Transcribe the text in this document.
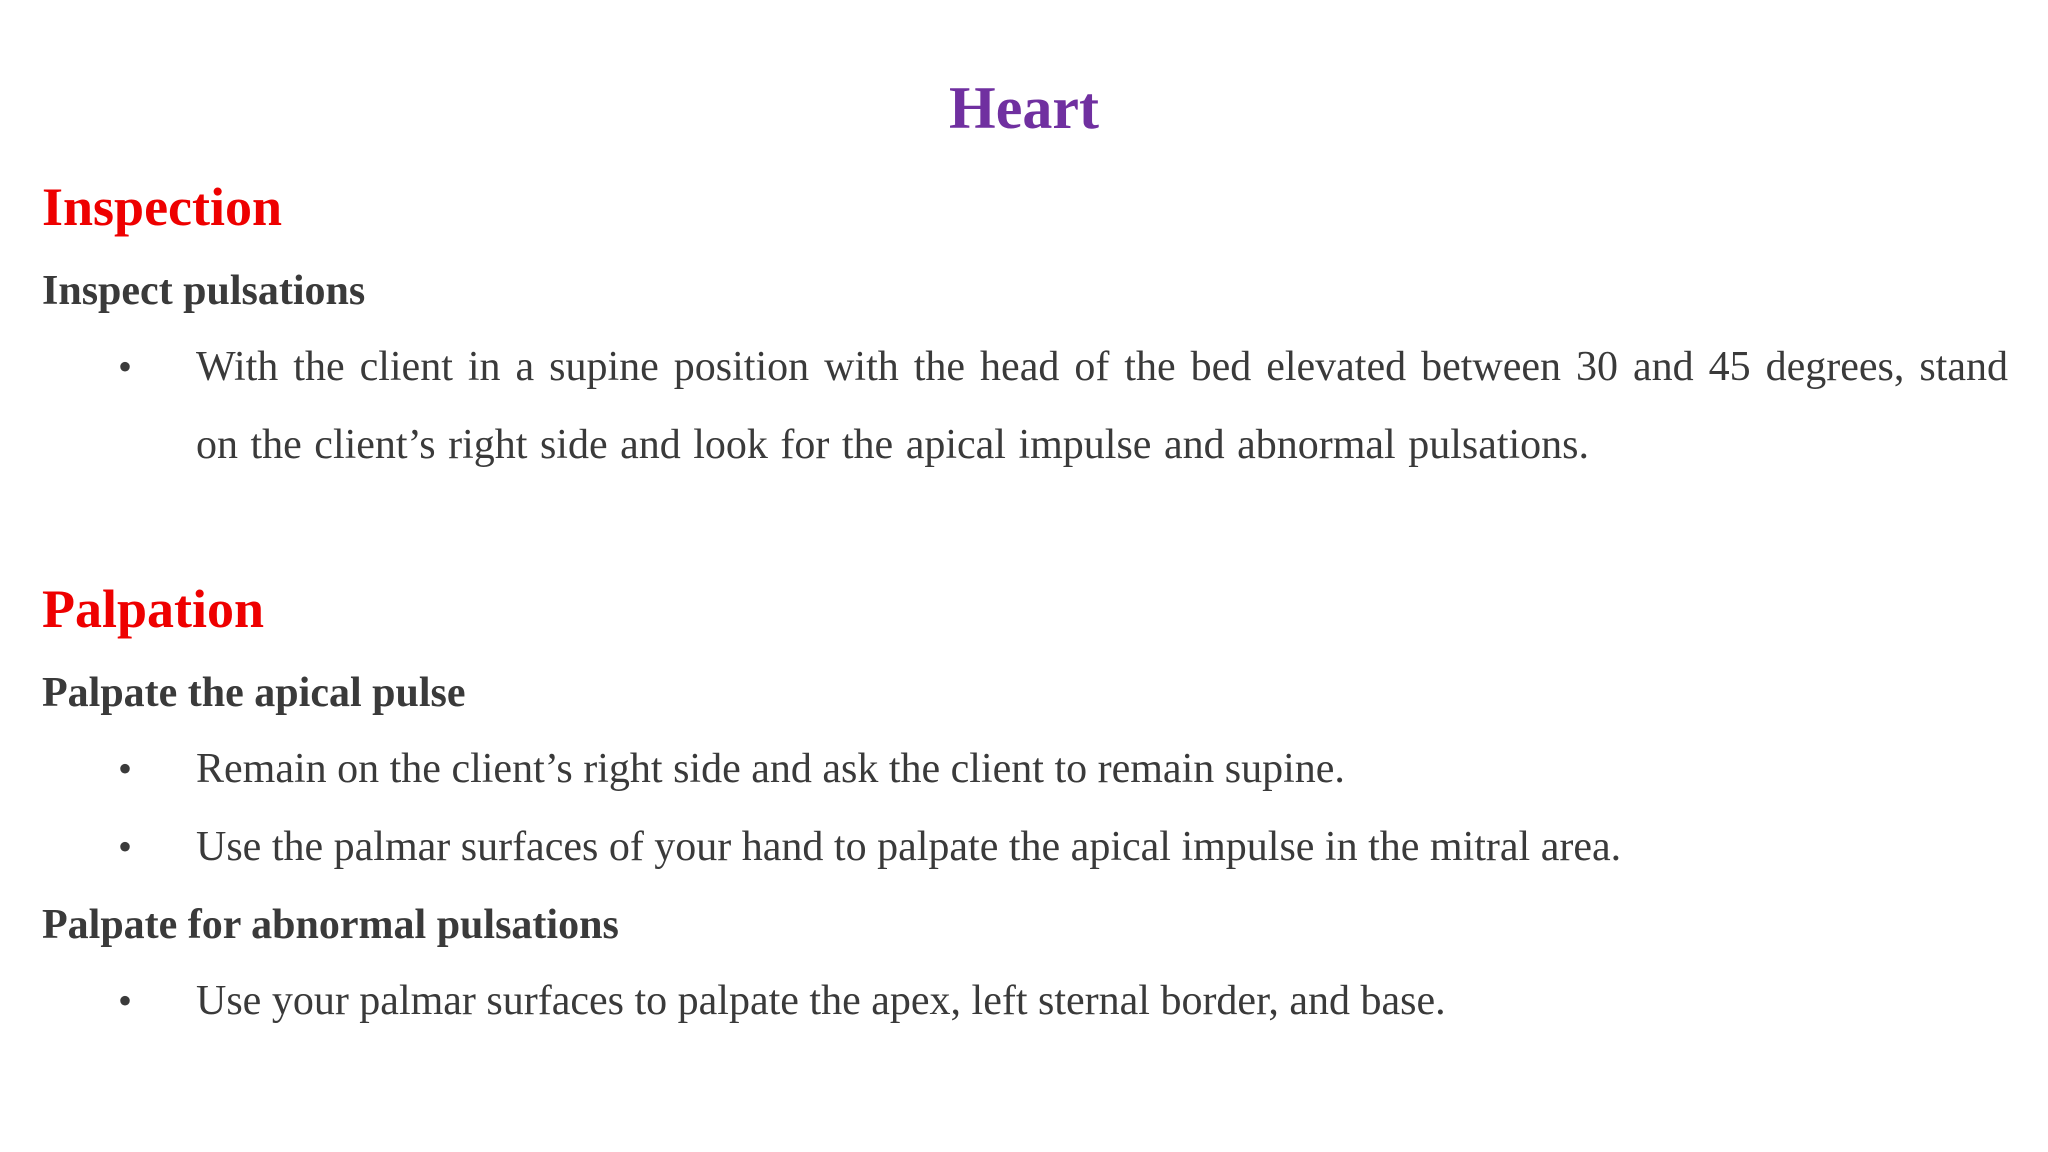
Heart
Inspection
Inspect pulsations
• With the client in a supine position with the head of the bed elevated between 30 and 45 degrees, stand on the client’s right side and look for the apical impulse and abnormal pulsations.
Palpation
Palpate the apical pulse
• Remain on the client’s right side and ask the client to remain supine.
• Use the palmar surfaces of your hand to palpate the apical impulse in the mitral area.
Palpate for abnormal pulsations
• Use your palmar surfaces to palpate the apex, left sternal border, and base.
